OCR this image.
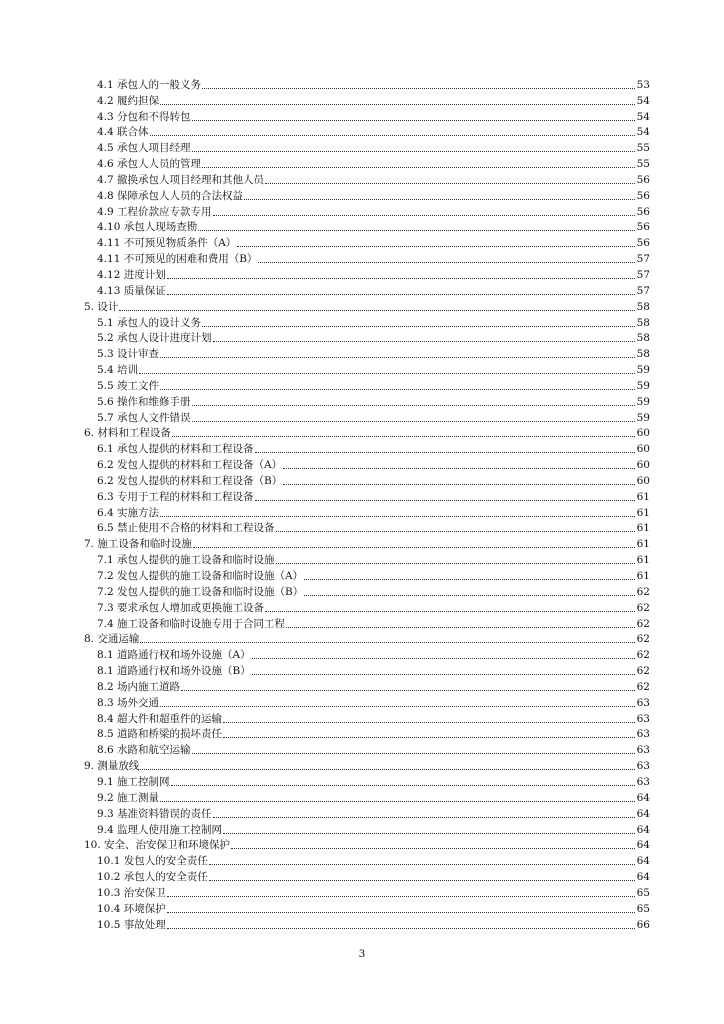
4.1 承包人的一般义务	53
4.2 履约担保	54
4.3 分包和不得转包	54
4.4 联合体	54
4.5 承包人项目经理	55
4.6 承包人人员的管理	55
4.7 撤换承包人项目经理和其他人员	56
4.8 保障承包人人员的合法权益	56
4.9 工程价款应专款专用	56
4.10 承包人现场查勘	56
4.11 不可预见物质条件（A）	56
4.11 不可预见的困难和费用（B）	57
4.12 进度计划	57
4.13 质量保证	57
5. 设计	58
5.1 承包人的设计义务	58
5.2 承包人设计进度计划	58
5.3 设计审查	58
5.4 培训	59
5.5 竣工文件	59
5.6 操作和维修手册	59
5.7 承包人文件错误	59
6. 材料和工程设备	60
6.1 承包人提供的材料和工程设备	60
6.2 发包人提供的材料和工程设备（A）	60
6.2 发包人提供的材料和工程设备（B）	60
6.3 专用于工程的材料和工程设备	61
6.4 实施方法	61
6.5 禁止使用不合格的材料和工程设备	61
7. 施工设备和临时设施	61
7.1 承包人提供的施工设备和临时设施	61
7.2 发包人提供的施工设备和临时设施（A）	61
7.2 发包人提供的施工设备和临时设施（B）	62
7.3 要求承包人增加或更换施工设备	62
7.4 施工设备和临时设施专用于合同工程	62
8. 交通运输	62
8.1 道路通行权和场外设施（A）	62
8.1 道路通行权和场外设施（B）	62
8.2 场内施工道路	62
8.3 场外交通	63
8.4 超大件和超重件的运输	63
8.5 道路和桥梁的损坏责任	63
8.6 水路和航空运输	63
9. 测量放线	63
9.1 施工控制网	63
9.2 施工测量	64
9.3 基准资料错误的责任	64
9.4 监理人使用施工控制网	64
10. 安全、治安保卫和环境保护	64
10.1 发包人的安全责任	64
10.2 承包人的安全责任	64
10.3 治安保卫	65
10.4 环境保护	65
10.5 事故处理	66
3
